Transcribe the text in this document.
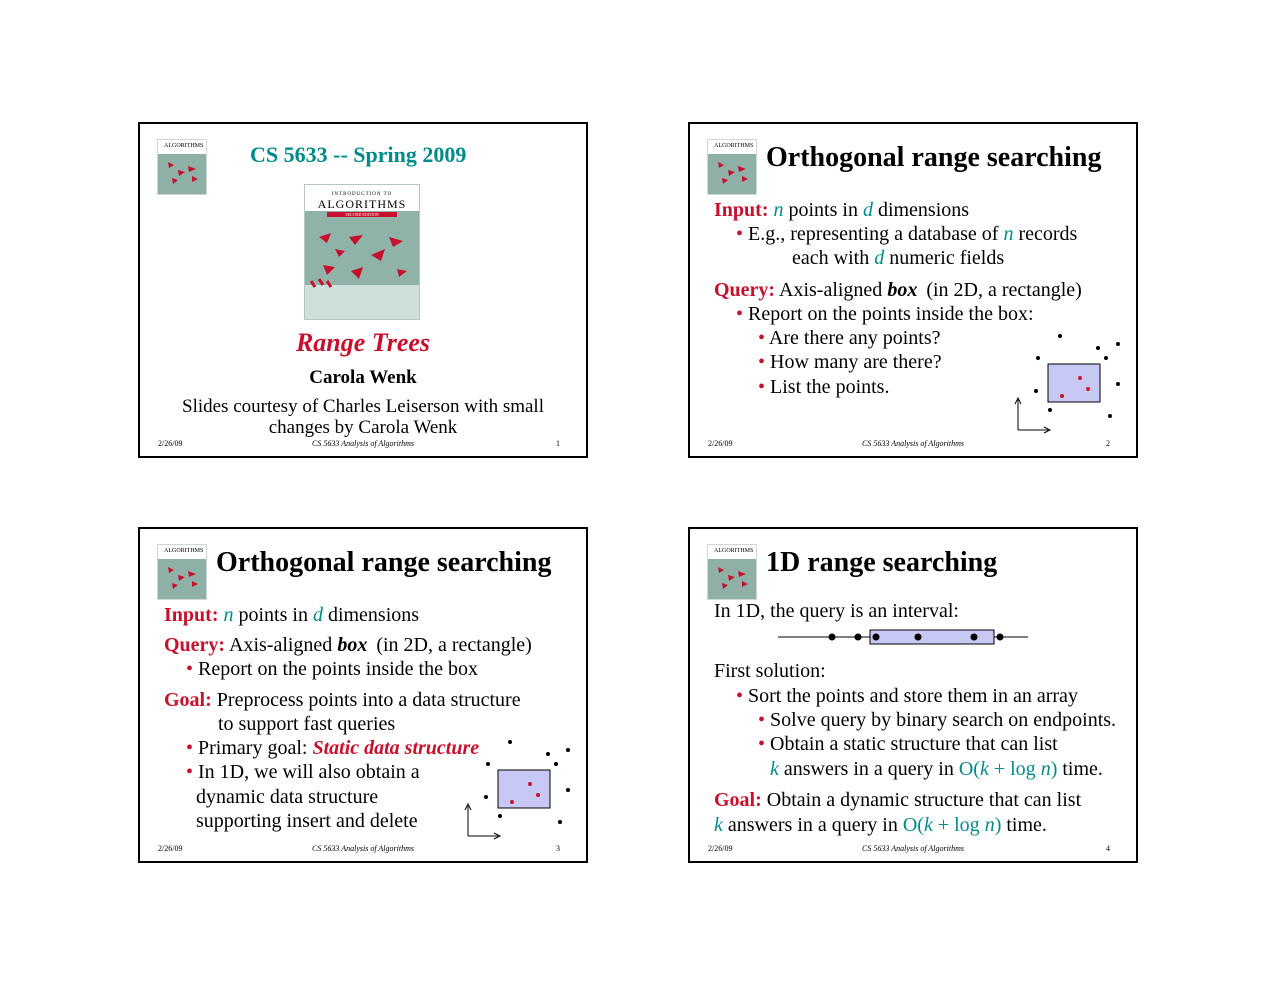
ALGORITHMS CS 5633 -- Spring 2009
INTRODUCTION TO
ALGORITHMS
SECOND EDITION
Range Trees
Carola Wenk
Slides courtesy of Charles Leiserson with small
changes by Carola Wenk
2/26/09	CS 5633 Analysis of Algorithms	1
ALGORITHMS Orthogonal range searching
Input: n points in d dimensions
• E.g., representing a database of n records
each with d numeric fields
Query: Axis-aligned box (in 2D, a rectangle)
• Report on the points inside the box:
• Are there any points?
• How many are there?
• List the points.
2/26/09	CS 5633 Analysis of Algorithms	2
ALGORITHMS Orthogonal range searching
Input: n points in d dimensions
Query: Axis-aligned box (in 2D, a rectangle)
• Report on the points inside the box
Goal: Preprocess points into a data structure
to support fast queries
• Primary goal: Static data structure
• In 1D, we will also obtain a
dynamic data structure
supporting insert and delete
2/26/09	CS 5633 Analysis of Algorithms	3
ALGORITHMS 1D range searching
In 1D, the query is an interval:
First solution:
• Sort the points and store them in an array
• Solve query by binary search on endpoints.
• Obtain a static structure that can list
k answers in a query in O(k + log n) time.
Goal: Obtain a dynamic structure that can list
k answers in a query in O(k + log n) time.
2/26/09	CS 5633 Analysis of Algorithms	4
